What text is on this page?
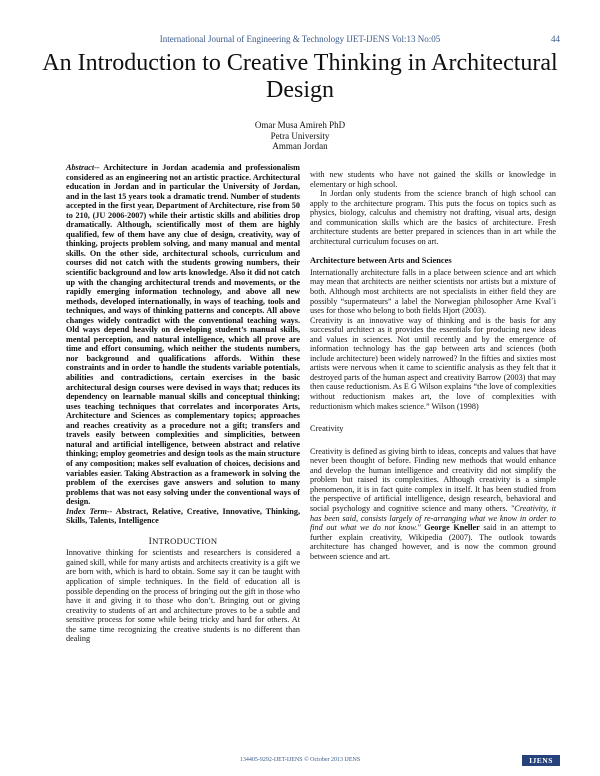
International Journal of Engineering & Technology IJET-IJENS Vol:13 No:05	44
An Introduction to Creative Thinking in Architectural Design
Omar Musa Amireh PhD
Petra University
Amman Jordan

Abstract-- Architecture in Jordan academia and professionalism considered as an engineering not an artistic practice. Architectural education in Jordan and in particular the University of Jordan, and in the last 15 years took a dramatic trend. Number of students accepted in the first year, Department of Architecture, rise from 50 to 210, (JU 2006-2007) while their artistic skills and abilities drop dramatically. Although, scientifically most of them are highly qualified, few of them have any clue of design, creativity, way of thinking, projects problem solving, and many manual and mental skills. On the other side, architectural schools, curriculum and courses did not catch with the students growing numbers, their scientific background and low arts knowledge. Also it did not catch up with the changing architectural trends and movements, or the rapidly emerging information technology, and above all new methods, developed internationally, in ways of teaching, tools and techniques, and ways of thinking patterns and concepts. All above changes widely contradict with the conventional teaching ways. Old ways depend heavily on developing student’s manual skills, mental perception, and natural intelligence, which all prove are time and effort consuming, which neither the students numbers, nor background and qualifications affords. Within these constraints and in order to handle the students variable potentials, abilities and contradictions, certain exercises in the basic architectural design courses were devised in ways that; reduces its dependency on learnable manual skills and conceptual thinking; uses teaching techniques that correlates and incorporates Arts, Architecture and Sciences as complementary topics; approaches and reaches creativity as a procedure not a gift; transfers and travels easily between complexities and simplicities, between natural and artificial intelligence, between abstract and relative thinking; employ geometries and design tools as the main structure of any composition; makes self evaluation of choices, decisions and variables easier. Taking Abstraction as a framework in solving the problem of the exercises gave answers and solution to many problems that was not easy solving under the conventional ways of design.

Index Term-- Abstract, Relative, Creative, Innovative, Thinking, Skills, Talents, Intelligence

INTRODUCTION

Innovative thinking for scientists and researchers is considered a gained skill, while for many artists and architects creativity is a gift we are born with, which is hard to obtain. Some say it can be taught with application of simple techniques. In the field of education all is possible depending on the process of bringing out the gift in those who have it and giving it to those who don’t. Bringing out or giving creativity to students of art and architecture proves to be a subtle and sensitive process for some while being tricky and hard for others. At the same time recognizing the creative students is no different than dealing

with new students who have not gained the skills or knowledge in elementary or high school.

In Jordan only students from the science branch of high school can apply to the architecture program. This puts the focus on topics such as physics, biology, calculus and chemistry not drafting, visual arts, design and communication skills which are the basics of architecture. Fresh architecture students are better prepared in sciences than in art while the architectural curriculum focuses on art.

Architecture between Arts and Sciences

Internationally architecture falls in a place between science and art which may mean that architects are neither scientists nor artists but a mixture of both. Although most architects are not specialists in either field they are possibly “supermateurs” a label the Norwegian philosopher Arne Kval´i uses for those who belong to both fields Hjort (2003).

Creativity is an innovative way of thinking and is the basis for any successful architect as it provides the essentials for producing new ideas and values in sciences. Not until recently and by the emergence of information technology has the gap between arts and sciences (both include architecture) been widely narrowed? In the fifties and sixties most artists were nervous when it came to scientific analysis as they felt that it destroyed parts of the human aspect and creativity Barrow (2003) that may then cause reductionism. As E G Wilson explains “the love of complexities without reductionism makes art, the love of complexities with reductionism which makes science.” Wilson (1998)

Creativity

Creativity is defined as giving birth to ideas, concepts and values that have never been thought of before. Finding new methods that would enhance and develop the human intelligence and creativity did not simplify the problem but raised its complexities. Although creativity is a simple phenomenon, it is in fact quite complex in itself. It has been studied from the perspective of artificial intelligence, design research, behavioral and social psychology and cognitive science and many others. "Creativity, it has been said, consists largely of re-arranging what we know in order to find out what we do not know." George Kneller said in an attempt to further explain creativity, Wikipedia (2007). The outlook towards architecture has changed however, and is now the common ground between science and art.

134405-9292-IJET-IJENS © October 2013 IJENS	IJENS
